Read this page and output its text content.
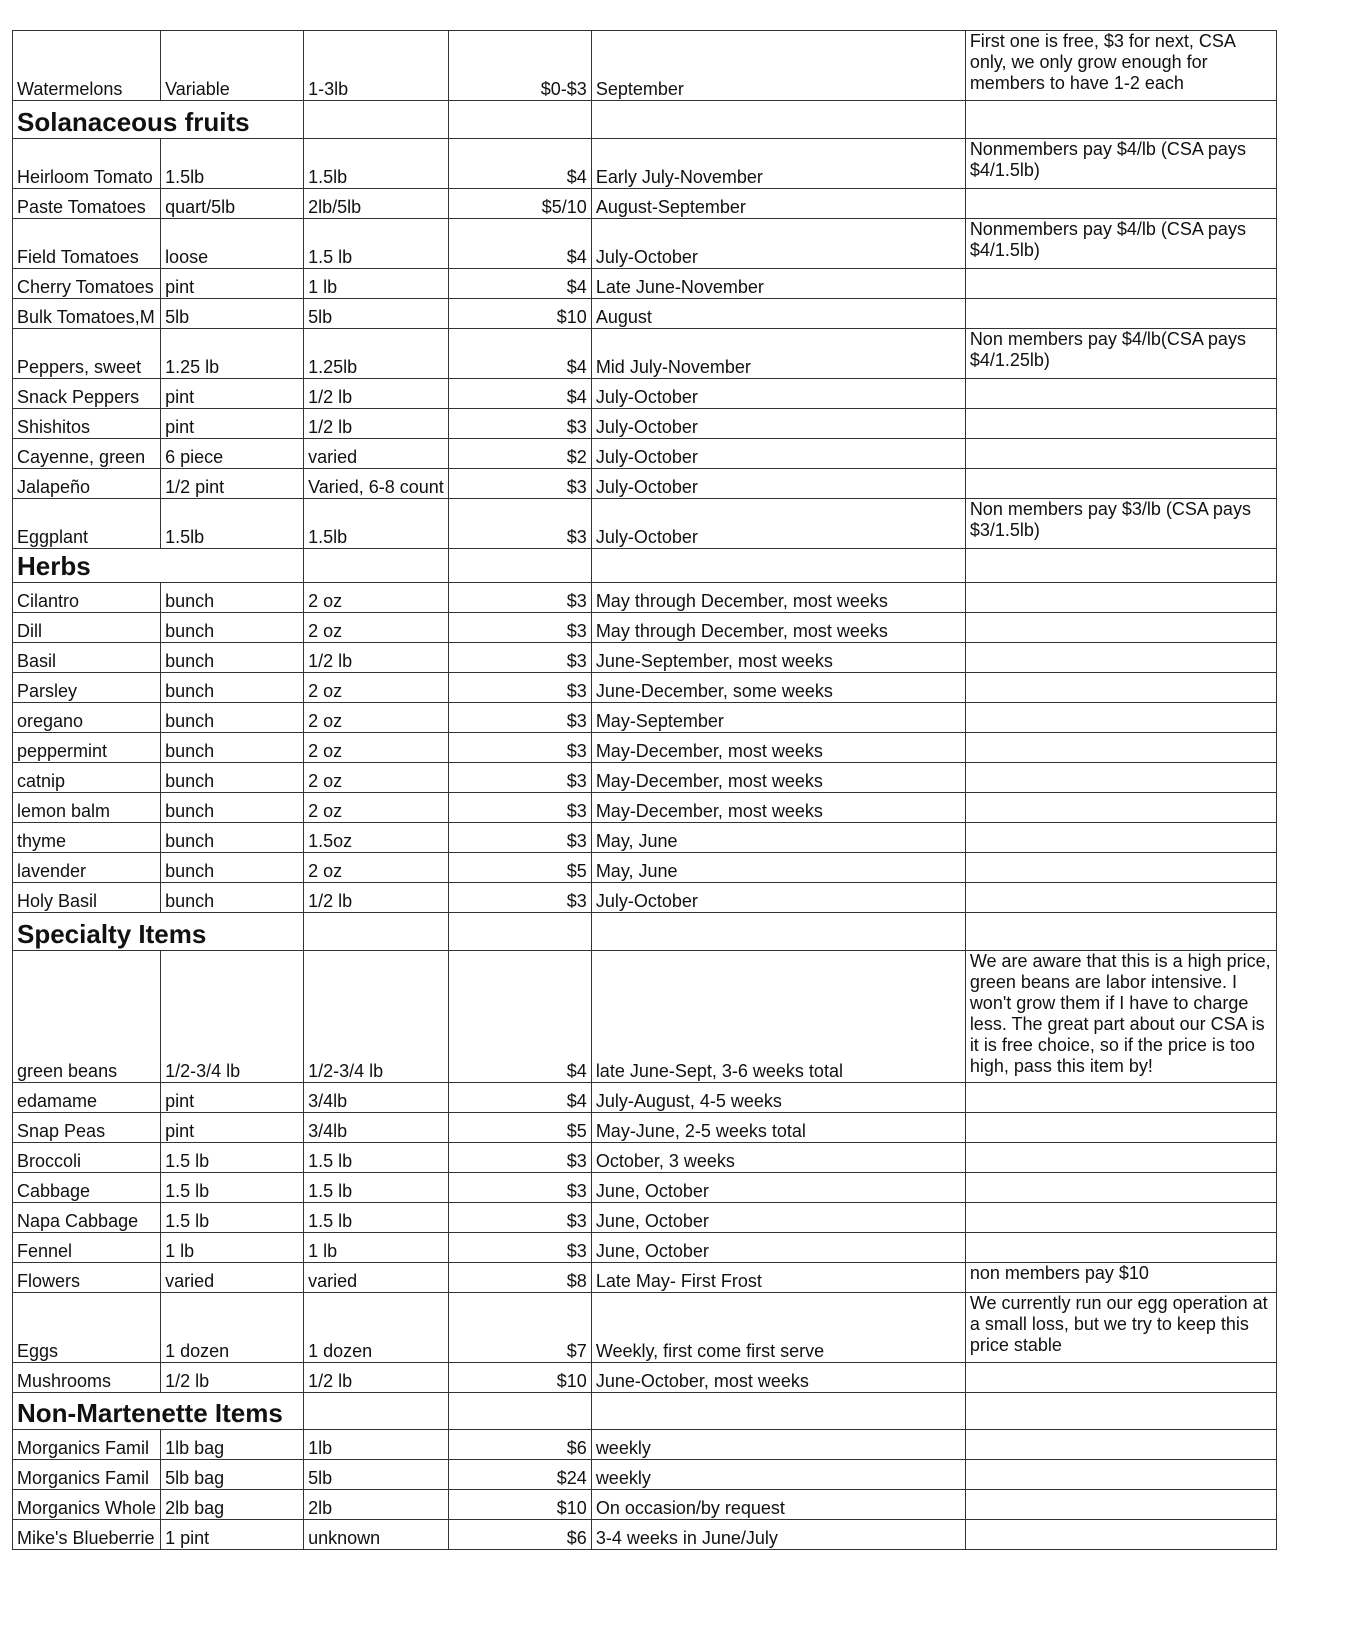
Watermelons	Variable	1-3lb	$0-$3	September	First one is free, $3 for next, CSA only, we only grow enough for members to have 1-2 each
Solanaceous fruits					
Heirloom Tomato	1.5lb	1.5lb	$4	Early July-November	Nonmembers pay $4/lb (CSA pays $4/1.5lb)
Paste Tomatoes	quart/5lb	2lb/5lb	$5/10	August-September	
Field Tomatoes	loose	1.5 lb	$4	July-October	Nonmembers pay $4/lb (CSA pays $4/1.5lb)
Cherry Tomatoes	pint	1 lb	$4	Late June-November	
Bulk Tomatoes,M	5lb	5lb	$10	August	
Peppers, sweet	1.25 lb	1.25lb	$4	Mid July-November	Non members pay $4/lb(CSA pays $4/1.25lb)
Snack Peppers	pint	1/2 lb	$4	July-October	
Shishitos	pint	1/2 lb	$3	July-October	
Cayenne, green	6 piece	varied	$2	July-October	
Jalapeño	1/2 pint	Varied, 6-8 count	$3	July-October	
Eggplant	1.5lb	1.5lb	$3	July-October	Non members pay $3/lb (CSA pays $3/1.5lb)
Herbs					
Cilantro	bunch	2 oz	$3	May through December, most weeks	
Dill	bunch	2 oz	$3	May through December, most weeks	
Basil	bunch	1/2 lb	$3	June-September, most weeks	
Parsley	bunch	2 oz	$3	June-December, some weeks	
oregano	bunch	2 oz	$3	May-September	
peppermint	bunch	2 oz	$3	May-December, most weeks	
catnip	bunch	2 oz	$3	May-December, most weeks	
lemon balm	bunch	2 oz	$3	May-December, most weeks	
thyme	bunch	1.5oz	$3	May, June	
lavender	bunch	2 oz	$5	May, June	
Holy Basil	bunch	1/2 lb	$3	July-October	
Specialty Items					
green beans	1/2-3/4 lb	1/2-3/4 lb	$4	late June-Sept, 3-6 weeks total	We are aware that this is a high price, green beans are labor intensive. I won't grow them if I have to charge less. The great part about our CSA is it is free choice, so if the price is too high, pass this item by!
edamame	pint	3/4lb	$4	July-August, 4-5 weeks	
Snap Peas	pint	3/4lb	$5	May-June, 2-5 weeks total	
Broccoli	1.5 lb	1.5 lb	$3	October, 3 weeks	
Cabbage	1.5 lb	1.5 lb	$3	June, October	
Napa Cabbage	1.5 lb	1.5 lb	$3	June, October	
Fennel	1 lb	1 lb	$3	June, October	
Flowers	varied	varied	$8	Late May- First Frost	non members pay $10
Eggs	1 dozen	1 dozen	$7	Weekly, first come first serve	We currently run our egg operation at a small loss, but we try to keep this price stable
Mushrooms	1/2 lb	1/2 lb	$10	June-October, most weeks	
Non-Martenette Items					
Morganics Famil	1lb bag	1lb	$6	weekly	
Morganics Famil	5lb bag	5lb	$24	weekly	
Morganics Whole	2lb bag	2lb	$10	On occasion/by request	
Mike's Blueberrie	1 pint	unknown	$6	3-4 weeks in June/July	
